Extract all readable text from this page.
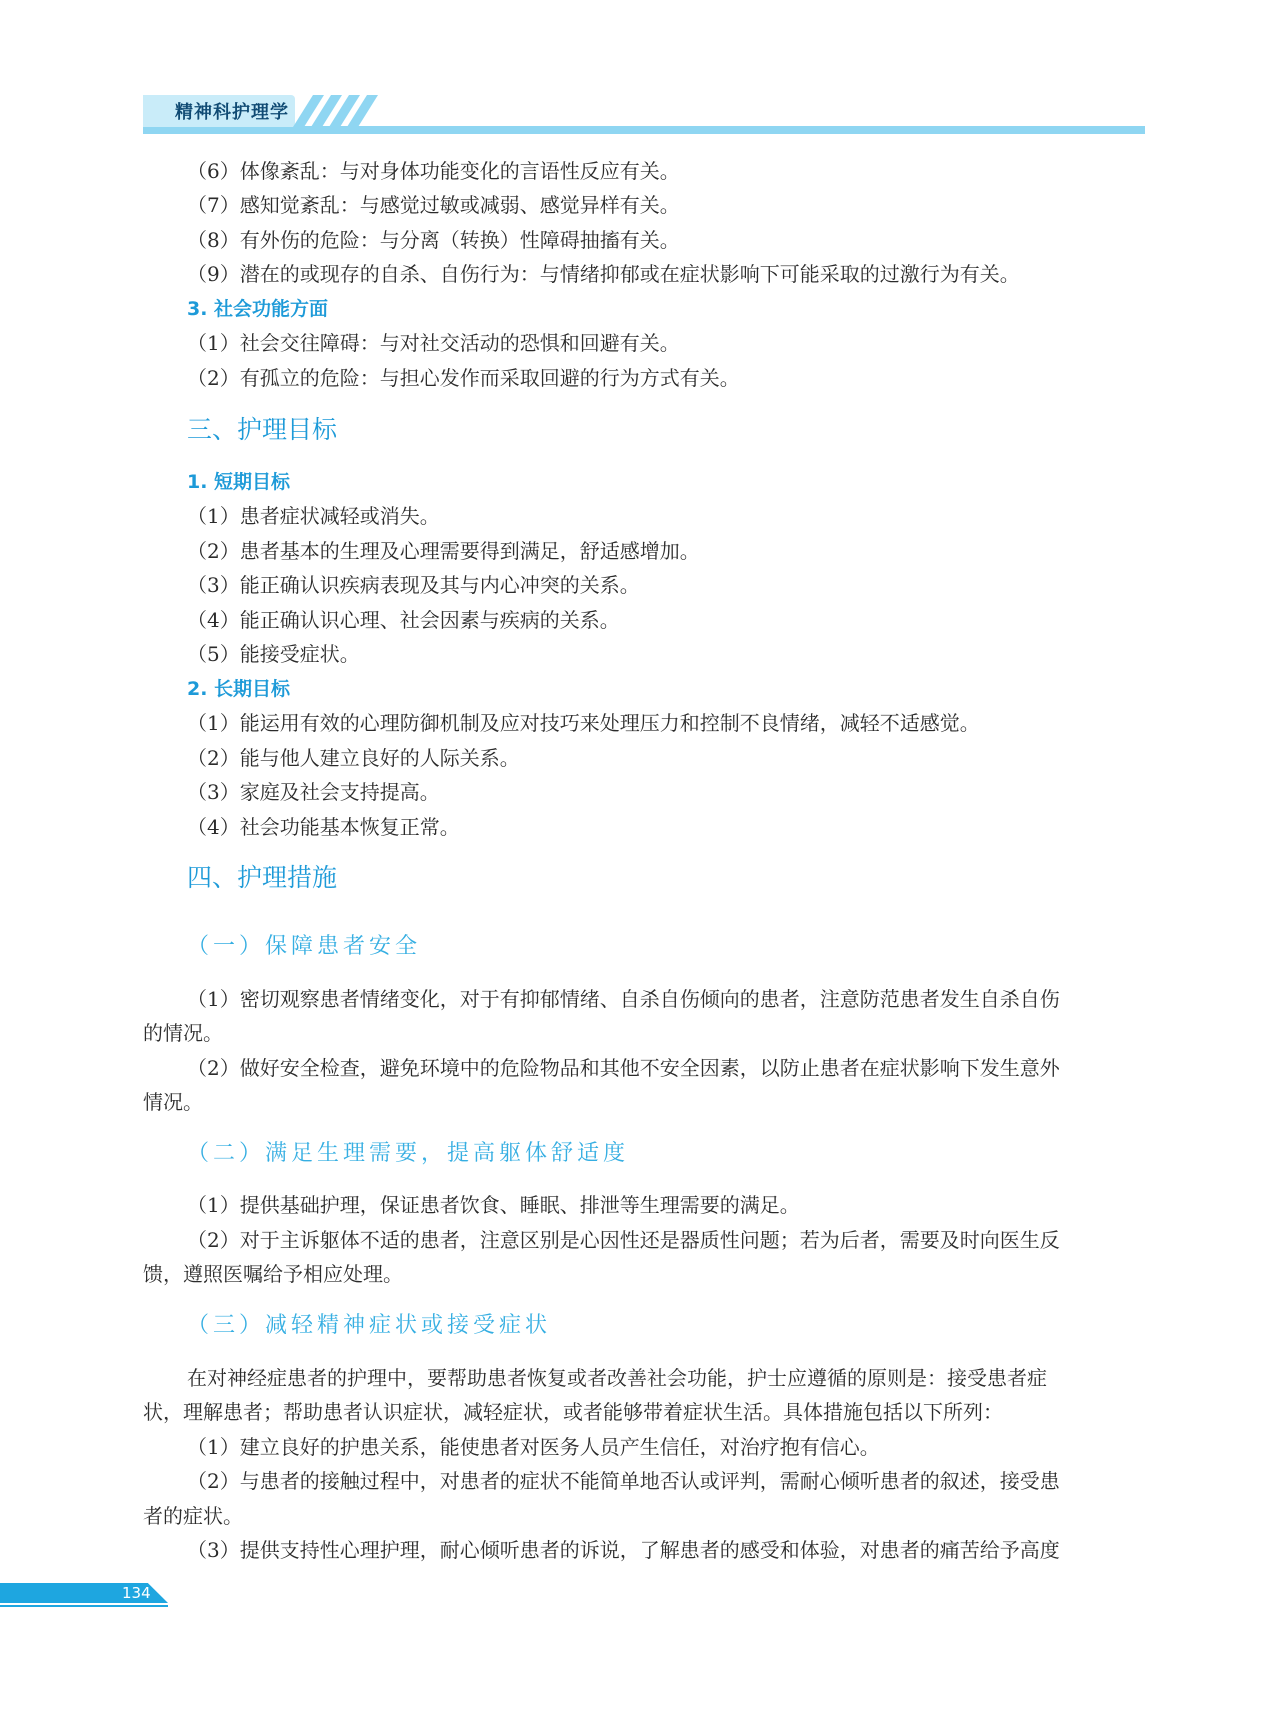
精神科护理学
（6）体像紊乱：与对身体功能变化的言语性反应有关。
（7）感知觉紊乱：与感觉过敏或减弱、感觉异样有关。
（8）有外伤的危险：与分离（转换）性障碍抽搐有关。
（9）潜在的或现存的自杀、自伤行为：与情绪抑郁或在症状影响下可能采取的过激行为有关。
3. 社会功能方面
（1）社会交往障碍：与对社交活动的恐惧和回避有关。
（2）有孤立的危险：与担心发作而采取回避的行为方式有关。
三、护理目标
1. 短期目标
（1）患者症状减轻或消失。
（2）患者基本的生理及心理需要得到满足，舒适感增加。
（3）能正确认识疾病表现及其与内心冲突的关系。
（4）能正确认识心理、社会因素与疾病的关系。
（5）能接受症状。
2. 长期目标
（1）能运用有效的心理防御机制及应对技巧来处理压力和控制不良情绪，减轻不适感觉。
（2）能与他人建立良好的人际关系。
（3）家庭及社会支持提高。
（4）社会功能基本恢复正常。
四、护理措施
（一）保障患者安全
（1）密切观察患者情绪变化，对于有抑郁情绪、自杀自伤倾向的患者，注意防范患者发生自杀自伤
的情况。
（2）做好安全检查，避免环境中的危险物品和其他不安全因素，以防止患者在症状影响下发生意外
情况。
（二）满足生理需要，提高躯体舒适度
（1）提供基础护理，保证患者饮食、睡眠、排泄等生理需要的满足。
（2）对于主诉躯体不适的患者，注意区别是心因性还是器质性问题；若为后者，需要及时向医生反
馈，遵照医嘱给予相应处理。
（三）减轻精神症状或接受症状
在对神经症患者的护理中，要帮助患者恢复或者改善社会功能，护士应遵循的原则是：接受患者症
状，理解患者；帮助患者认识症状，减轻症状，或者能够带着症状生活。具体措施包括以下所列：
（1）建立良好的护患关系，能使患者对医务人员产生信任，对治疗抱有信心。
（2）与患者的接触过程中，对患者的症状不能简单地否认或评判，需耐心倾听患者的叙述，接受患
者的症状。
（3）提供支持性心理护理，耐心倾听患者的诉说，了解患者的感受和体验，对患者的痛苦给予高度
134
